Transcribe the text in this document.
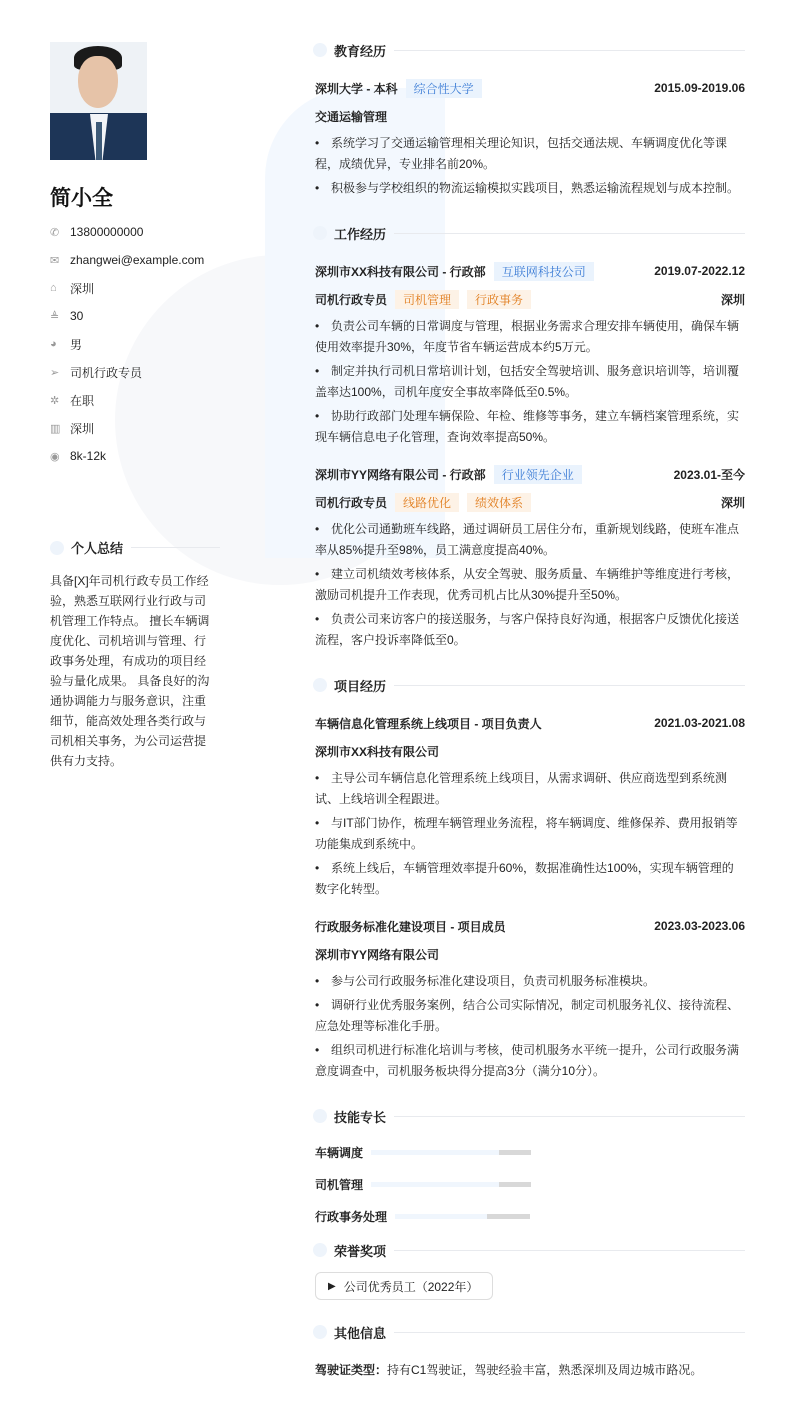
简小全
✆ 13800000000
✉ zhangwei@example.com
⌂	深圳
≜ 30
◕	男
➢ 司机行政专员
✲ 在职
▥ 深圳
◉ 8k-12k
个人总结
具备[X]年司机行政专员工作经验，熟悉互联网行业行政与司机管理工作特点。 擅长车辆调度优化、司机培训与管理、行政事务处理，有成功的项目经验与量化成果。 具备良好的沟通协调能力与服务意识，注重细节，能高效处理各类行政与司机相关事务，为公司运营提供有力支持。
教育经历
深圳大学 - 本科	综合性大学	2015.09-2019.06
交通运输管理
• 系统学习了交通运输管理相关理论知识，包括交通法规、车辆调度优化等课程，成绩优异，专业排名前20%。
• 积极参与学校组织的物流运输模拟实践项目，熟悉运输流程规划与成本控制。
工作经历
深圳市XX科技有限公司 - 行政部	互联网科技公司	2019.07-2022.12
司机行政专员	司机管理	行政事务	深圳
• 负责公司车辆的日常调度与管理，根据业务需求合理安排车辆使用，确保车辆使用效率提升30%，年度节省车辆运营成本约5万元。
• 制定并执行司机日常培训计划，包括安全驾驶培训、服务意识培训等，培训覆盖率达100%，司机年度安全事故率降低至0.5%。
• 协助行政部门处理车辆保险、年检、维修等事务，建立车辆档案管理系统，实现车辆信息电子化管理，查询效率提高50%。
深圳市YY网络有限公司 - 行政部	行业领先企业	2023.01-至今
司机行政专员	线路优化	绩效体系	深圳
• 优化公司通勤班车线路，通过调研员工居住分布，重新规划线路，使班车准点率从85%提升至98%，员工满意度提高40%。
• 建立司机绩效考核体系，从安全驾驶、服务质量、车辆维护等维度进行考核，激励司机提升工作表现，优秀司机占比从30%提升至50%。
• 负责公司来访客户的接送服务，与客户保持良好沟通，根据客户反馈优化接送流程，客户投诉率降低至0。
项目经历
车辆信息化管理系统上线项目 - 项目负责人	2021.03-2021.08
深圳市XX科技有限公司
• 主导公司车辆信息化管理系统上线项目，从需求调研、供应商选型到系统测试、上线培训全程跟进。
• 与IT部门协作，梳理车辆管理业务流程，将车辆调度、维修保养、费用报销等功能集成到系统中。
• 系统上线后，车辆管理效率提升60%，数据准确性达100%，实现车辆管理的数字化转型。
行政服务标准化建设项目 - 项目成员	2023.03-2023.06
深圳市YY网络有限公司
• 参与公司行政服务标准化建设项目，负责司机服务标准模块。
• 调研行业优秀服务案例，结合公司实际情况，制定司机服务礼仪、接待流程、应急处理等标准化手册。
• 组织司机进行标准化培训与考核，使司机服务水平统一提升，公司行政服务满意度调查中，司机服务板块得分提高3分（满分10分）。
技能专长
车辆调度
司机管理
行政事务处理
荣誉奖项
▶ 公司优秀员工（2022年）
其他信息
驾驶证类型：持有C1驾驶证，驾驶经验丰富，熟悉深圳及周边城市路况。
